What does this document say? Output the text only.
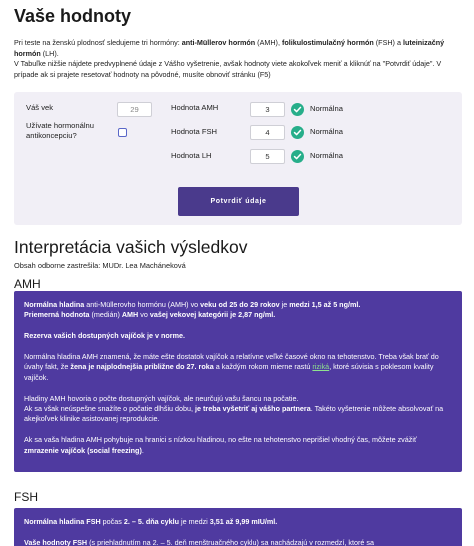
Vaše hodnoty
Pri teste na ženskú plodnosť sledujeme tri hormóny: anti-Müllerov hormón (AMH), folikulostimulačný hormón (FSH) a luteinizačný hormón (LH).
V Tabuľke nižšie nájdete predvyplnené údaje z Vášho vyšetrenie, avšak hodnoty viete akokoľvek meniť a kliknúť na "Potvrdiť údaje". V prípade ak si prajete resetovať hodnoty na pôvodné, musíte obnoviť stránku (F5)
Váš vek	29
Užívate hormonálnu
antikoncepciu?
Hodnota AMH	3	Normálna
Hodnota FSH	4	Normálna
Hodnota LH	5	Normálna
Potvrdiť údaje
Interpretácia vašich výsledkov
Obsah odborne zastrešila: MUDr. Lea Macháneková
AMH

Normálna hladina anti-Müllerovho hormónu (AMH) vo veku od 25 do 29 rokov je medzi 1,5 až 5 ng/ml.
Priemerná hodnota (medián) AMH vo vašej vekovej kategórii je 2,87 ng/ml.

Rezerva vašich dostupných vajíčok je v norme.

Normálna hladina AMH znamená, že máte ešte dostatok vajíčok a relatívne veľké časové okno na tehotenstvo. Treba však brať do úvahy fakt, že žena je najplodnejšia približne do 27. roka a každým rokom mierne rastú riziká, ktoré súvisia s poklesom kvality vajíčok.

Hladiny AMH hovoria o počte dostupných vajíčok, ale neurčujú vašu šancu na počatie.
Ak sa však neúspešne snažíte o počatie dlhšiu dobu, je treba vyšetriť aj vášho partnera. Takéto vyšetrenie môžete absolvovať na akejkoľvek klinike asistovanej reprodukcie.

Ak sa vaša hladina AMH pohybuje na hranici s nízkou hladinou, no ešte na tehotenstvo neprišiel vhodný čas, môžete zvážiť zmrazenie vajíčok (social freezing).

FSH

Normálna hladina FSH počas 2. – 5. dňa cyklu je medzi 3,51 až 9,99 mIU/ml.

Vaše hodnoty FSH (s priehladnutím na 2. – 5. deň menštruačného cyklu) sa nachádzajú v rozmedzí, ktoré sa
